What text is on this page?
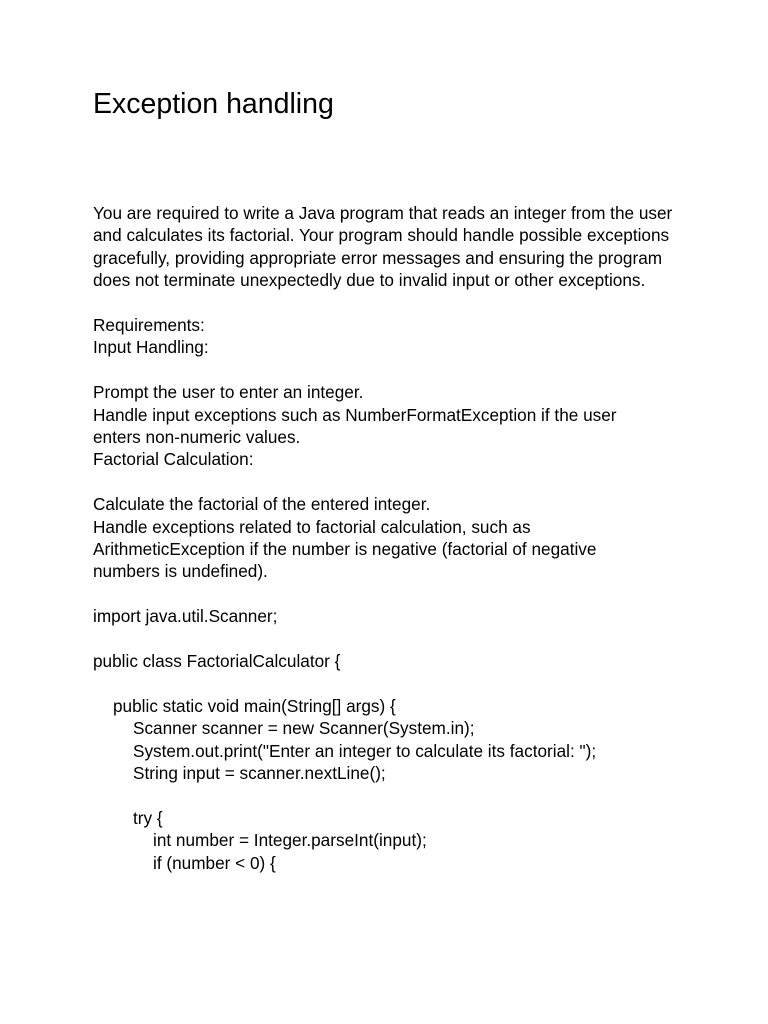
Exception handling

You are required to write a Java program that reads an integer from the user and calculates its factorial. Your program should handle possible exceptions gracefully, providing appropriate error messages and ensuring the program does not terminate unexpectedly due to invalid input or other exceptions.

Requirements:
Input Handling:
Prompt the user to enter an integer.
Handle input exceptions such as NumberFormatException if the user
enters non-numeric values.
Factorial Calculation:
Calculate the factorial of the entered integer.
Handle exceptions related to factorial calculation, such as
ArithmeticException if the number is negative (factorial of negative
numbers is undefined).
import java.util.Scanner;
public class FactorialCalculator {
public static void main(String[] args) {
Scanner scanner = new Scanner(System.in);
System.out.print("Enter an integer to calculate its factorial: ");
String input = scanner.nextLine();
try {
int number = Integer.parseInt(input);
if (number < 0) {
